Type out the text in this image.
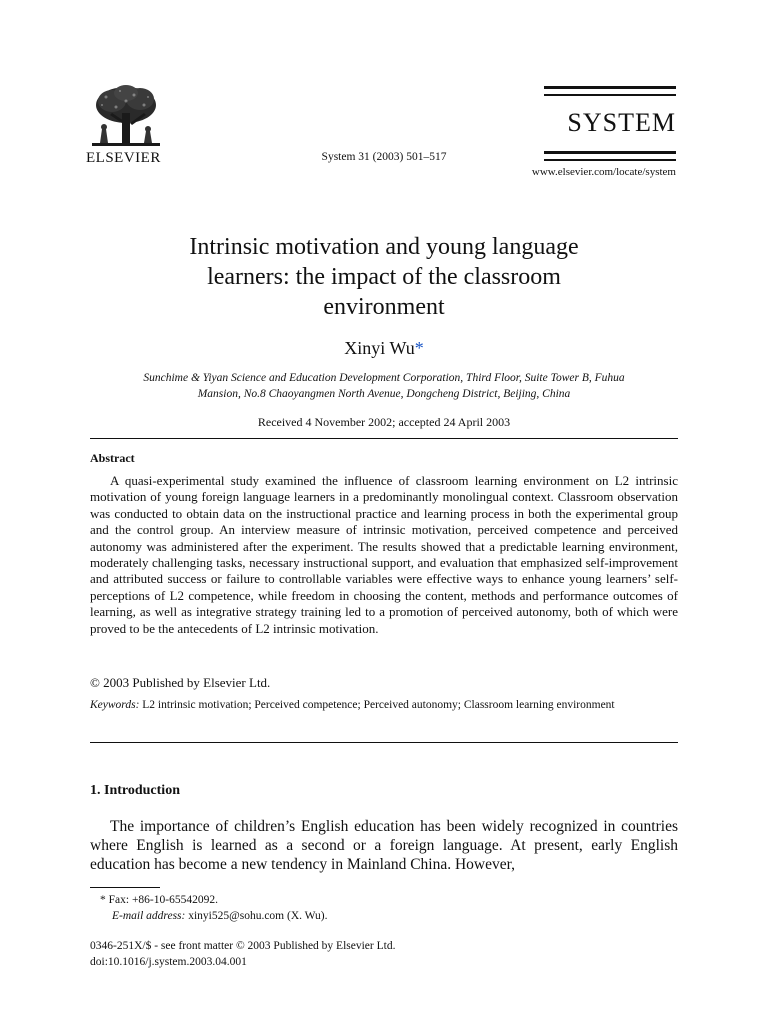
ELSEVIER	System 31 (2003) 501–517
SYSTEM
www.elsevier.com/locate/system
Intrinsic motivation and young language
learners: the impact of the classroom
environment
Xinyi Wu*
Sunchime & Yiyan Science and Education Development Corporation, Third Floor, Suite Tower B, Fuhua
Mansion, No.8 Chaoyangmen North Avenue, Dongcheng District, Beijing, China
Received 4 November 2002; accepted 24 April 2003
Abstract
A quasi-experimental study examined the influence of classroom learning environment on L2 intrinsic motivation of young foreign language learners in a predominantly monolingual context. Classroom observation was conducted to obtain data on the instructional practice and learning process in both the experimental group and the control group. An interview measure of intrinsic motivation, perceived competence and perceived autonomy was administered after the experiment. The results showed that a predictable learning environment, moderately challenging tasks, necessary instructional support, and evaluation that emphasized self-improvement and attributed success or failure to controllable variables were effective ways to enhance young learners’ self-perceptions of L2 competence, while freedom in choosing the content, methods and performance outcomes of learning, as well as integrative strategy training led to a promotion of perceived autonomy, both of which were proved to be the antecedents of L2 intrinsic motivation.
© 2003 Published by Elsevier Ltd.
Keywords: L2 intrinsic motivation; Perceived competence; Perceived autonomy; Classroom learning environment
1. Introduction
The importance of children’s English education has been widely recognized in countries where English is learned as a second or a foreign language. At present, early English education has become a new tendency in Mainland China. However,
* Fax: +86-10-65542092.
E-mail address: xinyi525@sohu.com (X. Wu).
0346-251X/$ - see front matter © 2003 Published by Elsevier Ltd.
doi:10.1016/j.system.2003.04.001
